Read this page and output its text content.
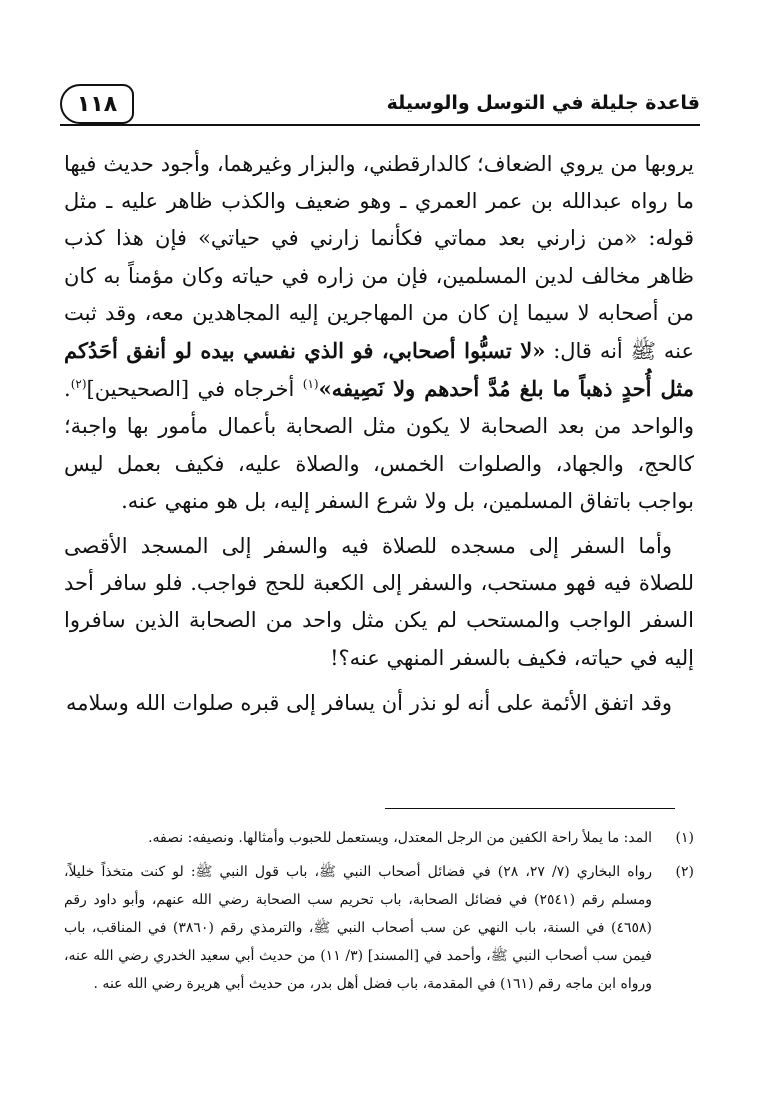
قاعدة جليلة في التوسل والوسيلة
١١٨

يروبها من يروي الضعاف؛ كالدارقطني، والبزار وغيرهما، وأجود حديث فيها ما رواه عبدالله بن عمر العمري ـ وهو ضعيف والكذب ظاهر عليه ـ مثل قوله: «من زارني بعد مماتي فكأنما زارني في حياتي» فإن هذا كذب ظاهر مخالف لدين المسلمين، فإن من زاره في حياته وكان مؤمناً به كان من أصحابه لا سيما إن كان من المهاجرين إليه المجاهدين معه، وقد ثبت عنه ﷺ أنه قال: «لا تسبُّوا أصحابي، فو الذي نفسي بيده لو أنفق أحَدُكم مثل أُحدٍ ذهباً ما بلغ مُدَّ أحدهم ولا نَصِيفه»$^{(١)}$ أخرجاه في [الصحيحين]$^{(٢)}$. والواحد من بعد الصحابة لا يكون مثل الصحابة بأعمال مأمور بها واجبة؛ كالحج، والجهاد، والصلوات الخمس، والصلاة عليه، فكيف بعمل ليس بواجب باتفاق المسلمين، بل ولا شرع السفر إليه، بل هو منهي عنه.

وأما السفر إلى مسجده للصلاة فيه والسفر إلى المسجد الأقصى للصلاة فيه فهو مستحب، والسفر إلى الكعبة للحج فواجب. فلو سافر أحد السفر الواجب والمستحب لم يكن مثل واحد من الصحابة الذين سافروا إليه في حياته، فكيف بالسفر المنهي عنه؟!

وقد اتفق الأئمة على أنه لو نذر أن يسافر إلى قبره صلوات الله وسلامه

(١)
المد: ما يملأ راحة الكفين من الرجل المعتدل، ويستعمل للحبوب وأمثالها. ونصيفه: نصفه.
(٢)
رواه البخاري (٧/ ٢٧، ٢٨) في فضائل أصحاب النبي ﷺ، باب قول النبي ﷺ: لو كنت متخذاً خليلاً، ومسلم رقم (٢٥٤١) في فضائل الصحابة، باب تحريم سب الصحابة رضي الله عنهم، وأبو داود رقم (٤٦٥٨) في السنة، باب النهي عن سب أصحاب النبي ﷺ، والترمذي رقم (٣٨٦٠) في المناقب، باب فيمن سب أصحاب النبي ﷺ، وأحمد في [المسند] (٣/ ١١) من حديث أبي سعيد الخدري رضي الله عنه، ورواه ابن ماجه رقم (١٦١) في المقدمة، باب فضل أهل بدر، من حديث أبي هريرة رضي الله عنه .
